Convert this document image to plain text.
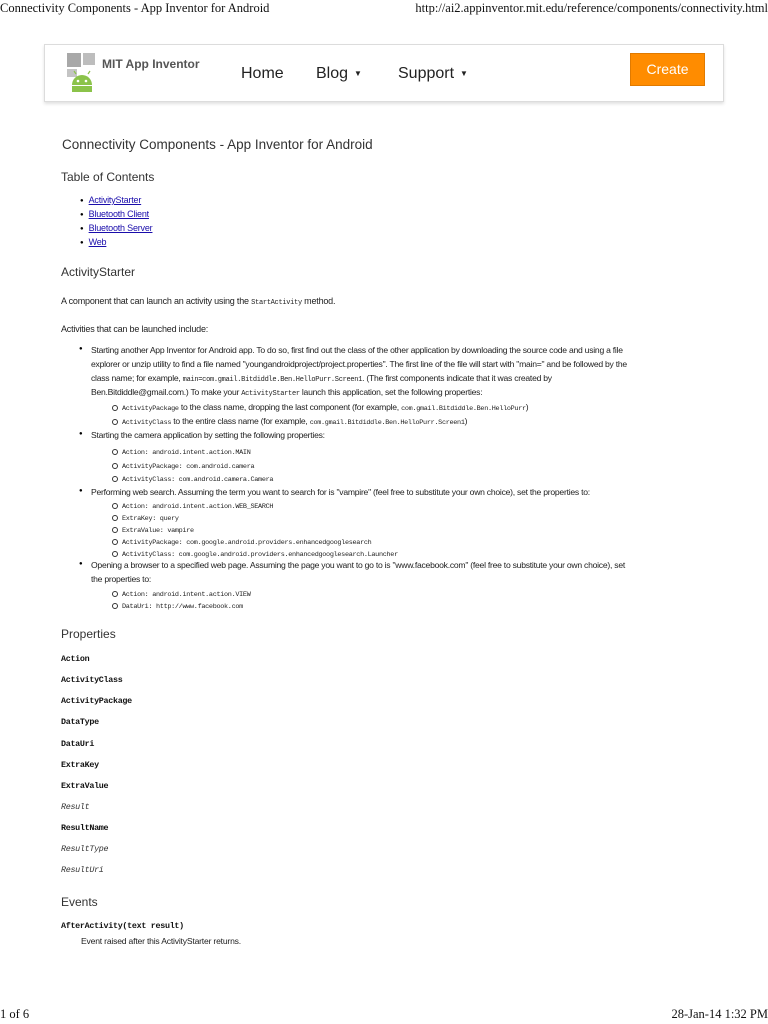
Connectivity Components - App Inventor for Android	http://ai2.appinventor.mit.edu/reference/components/connectivity.html
MIT App Inventor
Home Blog ▼ Support ▼	Create
Connectivity Components - App Inventor for Android
Table of Contents
● ActivityStarter
● Bluetooth Client
● Bluetooth Server
● Web
ActivityStarter
A component that can launch an activity using the StartActivity method.
Activities that can be launched include:
● Starting another App Inventor for Android app. To do so, first find out the class of the other application by downloading the source code and using a file
explorer or unzip utility to find a file named "youngandroidproject/project.properties". The first line of the file will start with "main=" and be followed by the
class name; for example, main=com.gmail.Bitdiddle.Ben.HelloPurr.Screen1. (The first components indicate that it was created by
Ben.Bitdiddle@gmail.com.) To make your ActivityStarter launch this application, set the following properties:
ActivityPackage to the class name, dropping the last component (for example, com.gmail.Bitdiddle.Ben.HelloPurr)
ActivityClass to the entire class name (for example, com.gmail.Bitdiddle.Ben.HelloPurr.Screen1)
● Starting the camera application by setting the following properties:
Action: android.intent.action.MAIN
ActivityPackage: com.android.camera
ActivityClass: com.android.camera.Camera
● Performing web search. Assuming the term you want to search for is "vampire" (feel free to substitute your own choice), set the properties to:
Action: android.intent.action.WEB_SEARCH
ExtraKey: query
ExtraValue: vampire
ActivityPackage: com.google.android.providers.enhancedgooglesearch
ActivityClass: com.google.android.providers.enhancedgooglesearch.Launcher
● Opening a browser to a specified web page. Assuming the page you want to go to is "www.facebook.com" (feel free to substitute your own choice), set
the properties to:
Action: android.intent.action.VIEW
DataUri: http://www.facebook.com
Properties
Action
ActivityClass
ActivityPackage
DataType
DataUri
ExtraKey
ExtraValue
Result
ResultName
ResultType
ResultUri
Events
AfterActivity(text result)
Event raised after this ActivityStarter returns.
1 of 6	28-Jan-14 1:32 PM
